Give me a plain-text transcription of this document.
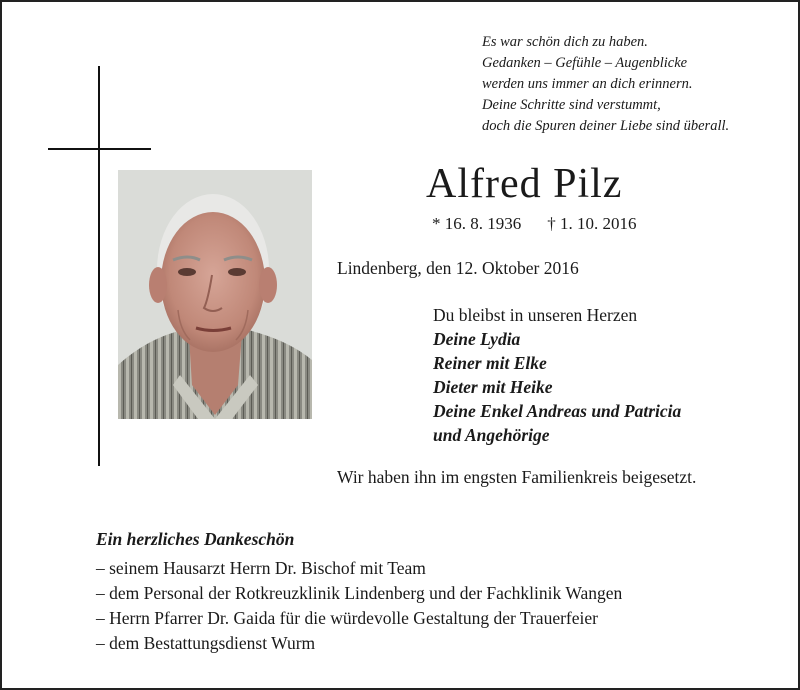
Es war schön dich zu haben.
Gedanken – Gefühle – Augenblicke
werden uns immer an dich erinnern.
Deine Schritte sind verstummt,
doch die Spuren deiner Liebe sind überall.
Alfred Pilz
* 16. 8. 1936 † 1. 10. 2016
Lindenberg, den 12. Oktober 2016
Du bleibst in unseren Herzen
Deine Lydia
Reiner mit Elke
Dieter mit Heike
Deine Enkel Andreas und Patricia
und Angehörige
Wir haben ihn im engsten Familienkreis beigesetzt.
Ein herzliches Dankeschön
– seinem Hausarzt Herrn Dr. Bischof mit Team
– dem Personal der Rotkreuzklinik Lindenberg und der Fachklinik Wangen
– Herrn Pfarrer Dr. Gaida für die würdevolle Gestaltung der Trauerfeier
– dem Bestattungsdienst Wurm
